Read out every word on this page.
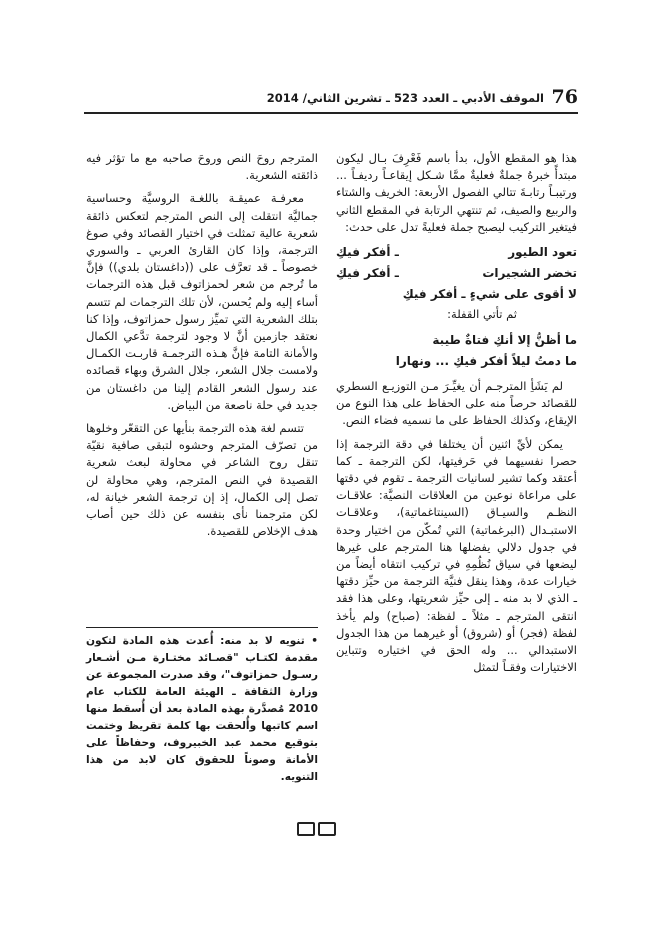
76
الموقف الأدبي ـ العدد 523 ـ تشرين الثاني/ 2014

هذا هو المقطع الأول، بدأ باسم فَعْرِفَ بـال ليكون مبتدأً خبرهُ جملةٌ فعليةٌ ممَّا شـكل إيقاعـاً رديفـاً ... ورتيبـاً رتابـةَ تتالي الفصول الأربعة: الخريف والشتاء والربيع والصيف، ثم تنتهي الرتابة في المقطع الثاني فيتغير التركيب ليصبح جملة فعليةً تدل على حدث:

تعود الطيور
ـ أفكر فيكِ
تخضر الشجيرات
ـ أفكر فيكِ
لا أقوى على شيءٍ ـ أفكر فيكِ

ثم تأتي القفلة:

ما أظنُّ إلا أنكِ فتاةٌ طيبة
ما دمتُ ليلاً أفكر فيكِ ... ونهارا

لم يَشَأِ المترجـم أن يغيِّـرَ مـن التوزيـع السطري للقصائد حرصاً منه على الحفاظ على هذا النوع من الإيقاع، وكذلك الحفاظ على ما نسميه فضاء النص.

يمكن لأيِّ اثنين أن يختلفا في دقة الترجمة إذا حصرا نفسيهما في حَرفيتها، لكن الترجمة ـ كما أعتقد وكما تشير لسانيات الترجمة ـ تقوم في دقتها على مراعاة نوعين من العلاقات النصيَّة: علاقـات النظـم والسيـاق (السينتاغماتية)، وعلاقـات الاستبـدال (البرغماتية) التي تُمكّن من اختيار وحدة في جدول دلالي يفضلها هنا المترجم على غيرها ليضعها في سياق نُظُمِهِ في تركيب انتقاه أيضاً من خيارات عدة، وهذا ينقل فنيَّة الترجمة من حيِّز دقتها ـ الذي لا بد منه ـ إلى حيِّز شعريتها، وعلى هذا فقد انتقى المترجم ـ مثلاً ـ لفظة: (صباح) ولم يأخذ لفظة (فجر) أو (شروق) أو غيرهما من هذا الجدول الاستبدالي ... وله الحق في اختياره وتتباين الاختيارات وفقـاً لتمثل

المترجم روحَ النص وروحَ صاحبه مع ما تؤثر فيه ذائقته الشعرية.

معرفـة عميقـة باللغـة الروسيَّة وحساسية جماليَّة انتقلت إلى النص المترجم لتعكس ذائقة شعرية عالية تمثلت في اختيار القصائد وفي صوغ الترجمة، وإذا كان القارئ العربي ـ والسوري خصوصاً ـ قد تعرَّف على ((داغستان بلدي)) فإنَّ ما تُرجم من شعر لحمزاتوف قبل هذه الترجمات أساء إليه ولم يُحسن، لأن تلك الترجمات لم تتسم بتلك الشعرية التي تميِّز رسول حمزاتوف، وإذا كنا نعتقد جازمين أنَّ لا وجود لترجمة تدَّعي الكمال والأمانة التامة فإنَّ هـذه الترجمـة قاربـت الكمـال ولامست جلال الشعر، جلال الشرق وبهاء قصائده عند رسول الشعر القادم إلينا من داغستان من جديد في حلة ناصعة من البياض.

تتسم لغة هذه الترجمة بنأيها عن التقعّر وخلوها من تصرّف المترجم وحشوه لتبقى صافية نقيّة تنقل روح الشاعر في محاولة لبعث شعرية القصيدة في النص المترجم، وهي محاولة لن تصل إلى الكمال، إذ إن ترجمة الشعر خيانة له، لكن مترجمنا نأى بنفسه عن ذلك حين أصاب هدف الإخلاص للقصيدة.

• تنويه لا بد منه: أُعدت هذه المادة لتكون مقدمة لكتـاب "قصـائد مختـارة مـن أشـعار رسـول حمزاتوف"، وقد صدرت المجموعة عن وزارة الثقافة ـ الهيئة العامة للكتاب عام 2010 مُصدَّرة بهذه المادة بعد أن أُسقط منها اسم كاتبها وأُلحقت بها كلمة تقريظ وختمت بتوقيع محمد عبد الخبيروف، وحفاظاً على الأمانة وصوناً للحقوق كان لابد من هذا التنويه.
